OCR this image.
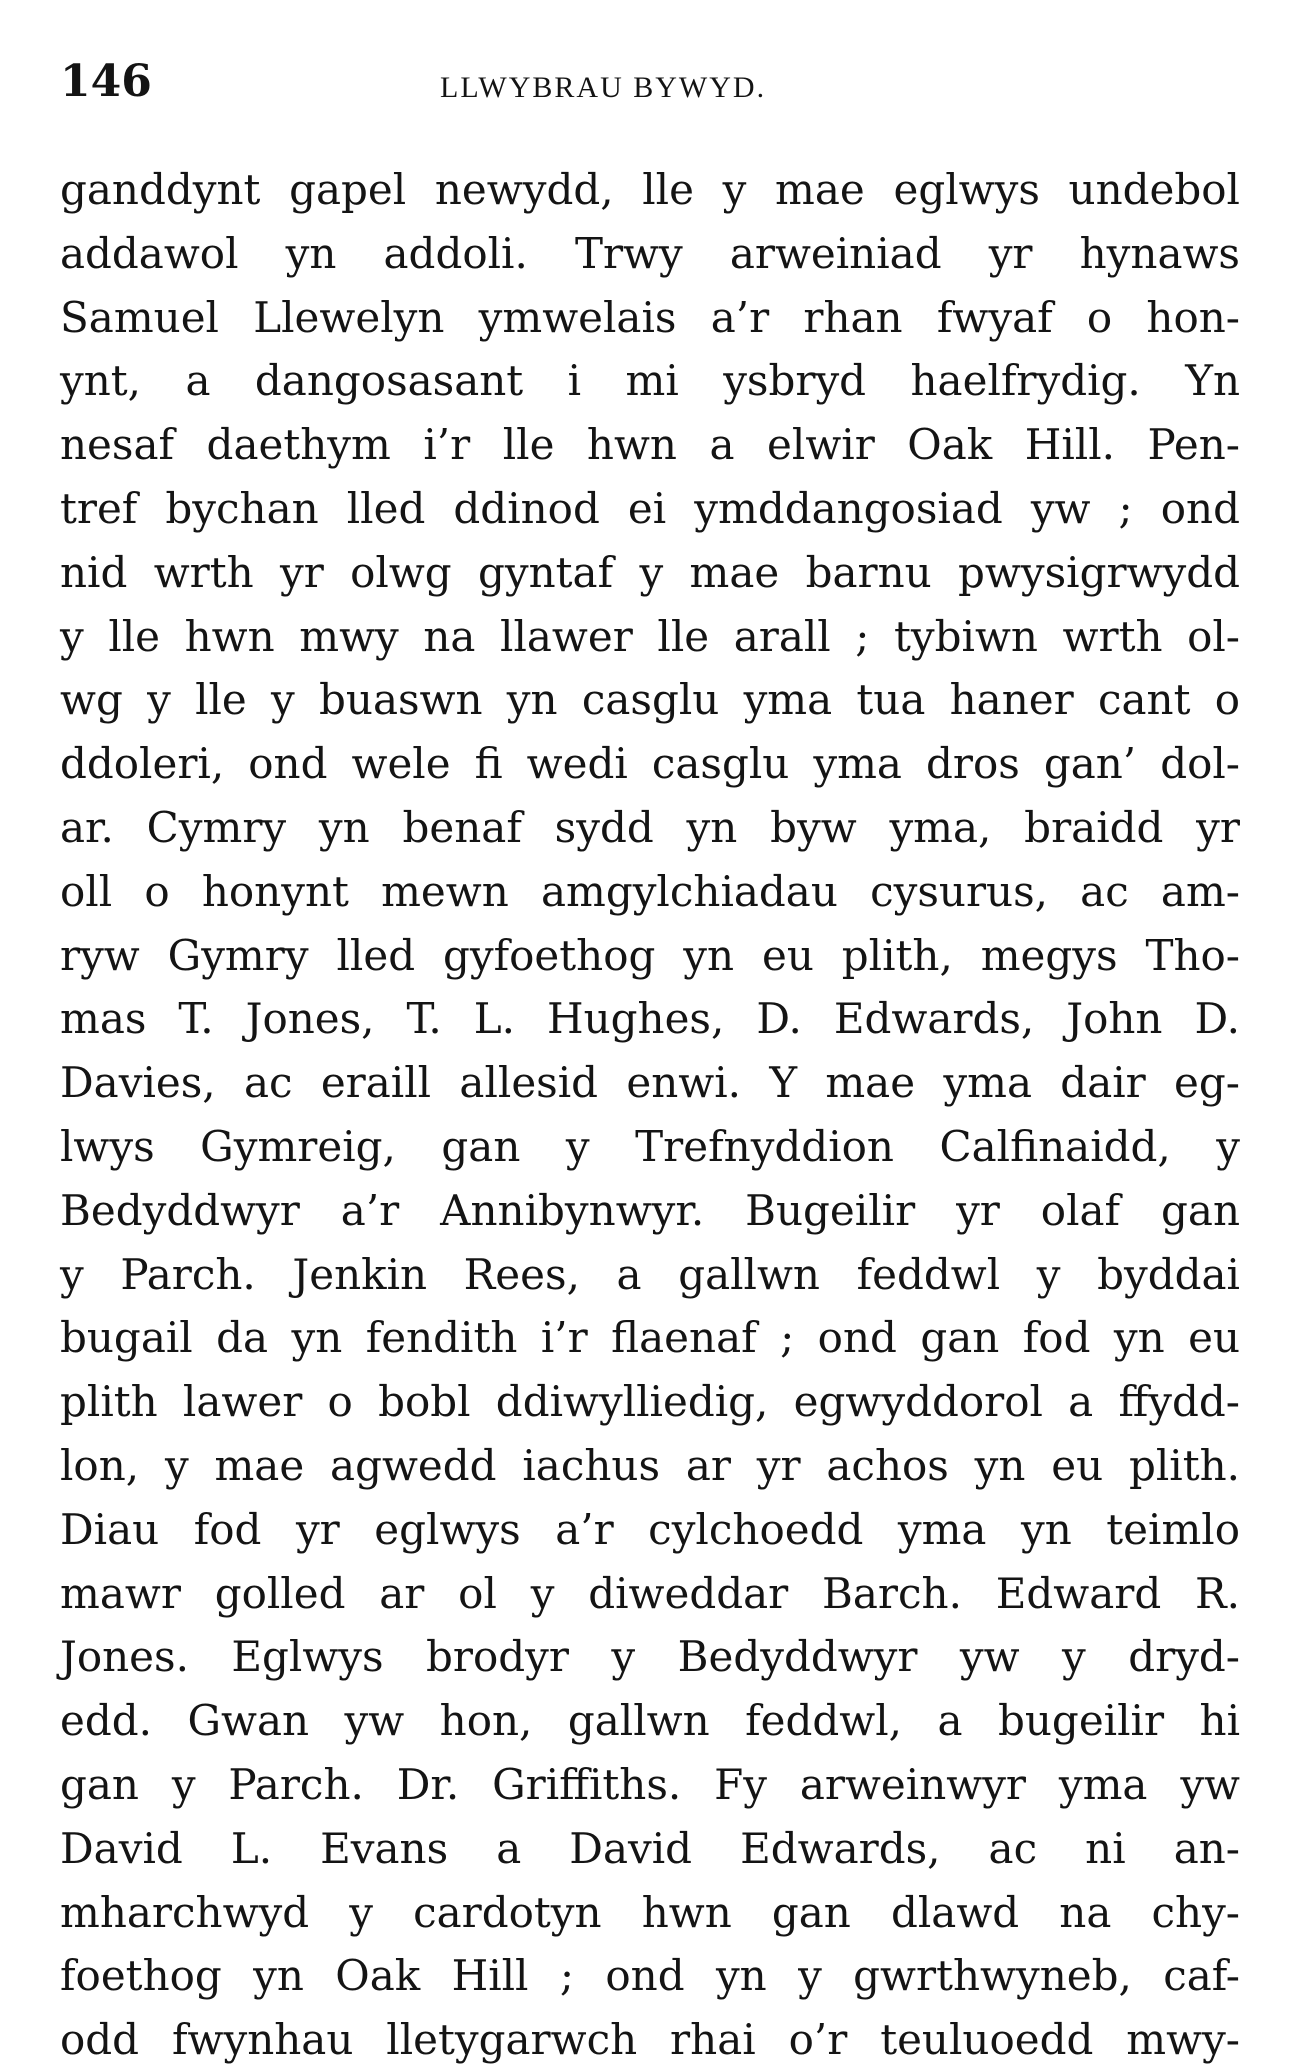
146	LLWYBRAU BYWYD.
ganddynt gapel newydd, lle y mae eglwys undebol
addawol yn addoli. Trwy arweiniad yr hynaws
Samuel Llewelyn ymwelais a’r rhan fwyaf o hon-
ynt, a dangosasant i mi ysbryd haelfrydig. Yn
nesaf daethym i’r lle hwn a elwir Oak Hill. Pen-
tref bychan lled ddinod ei ymddangosiad yw ; ond
nid wrth yr olwg gyntaf y mae barnu pwysigrwydd
y lle hwn mwy na llawer lle arall ; tybiwn wrth ol-
wg y lle y buaswn yn casglu yma tua haner cant o
ddoleri, ond wele fi wedi casglu yma dros gan’ dol-
ar. Cymry yn benaf sydd yn byw yma, braidd yr
oll o honynt mewn amgylchiadau cysurus, ac am-
ryw Gymry lled gyfoethog yn eu plith, megys Tho-
mas T. Jones, T. L. Hughes, D. Edwards, John D.
Davies, ac eraill allesid enwi. Y mae yma dair eg-
lwys Gymreig, gan y Trefnyddion Calfinaidd, y
Bedyddwyr a’r Annibynwyr. Bugeilir yr olaf gan
y Parch. Jenkin Rees, a gallwn feddwl y byddai
bugail da yn fendith i’r flaenaf ; ond gan fod yn eu
plith lawer o bobl ddiwylliedig, egwyddorol a ffydd-
lon, y mae agwedd iachus ar yr achos yn eu plith.
Diau fod yr eglwys a’r cylchoedd yma yn teimlo
mawr golled ar ol y diweddar Barch. Edward R.
Jones. Eglwys brodyr y Bedyddwyr yw y dryd-
edd. Gwan yw hon, gallwn feddwl, a bugeilir hi
gan y Parch. Dr. Griffiths. Fy arweinwyr yma yw
David L. Evans a David Edwards, ac ni an-
mharchwyd y cardotyn hwn gan dlawd na chy-
foethog yn Oak Hill ; ond yn y gwrthwyneb, caf-
odd fwynhau lletygarwch rhai o’r teuluoedd mwy-
